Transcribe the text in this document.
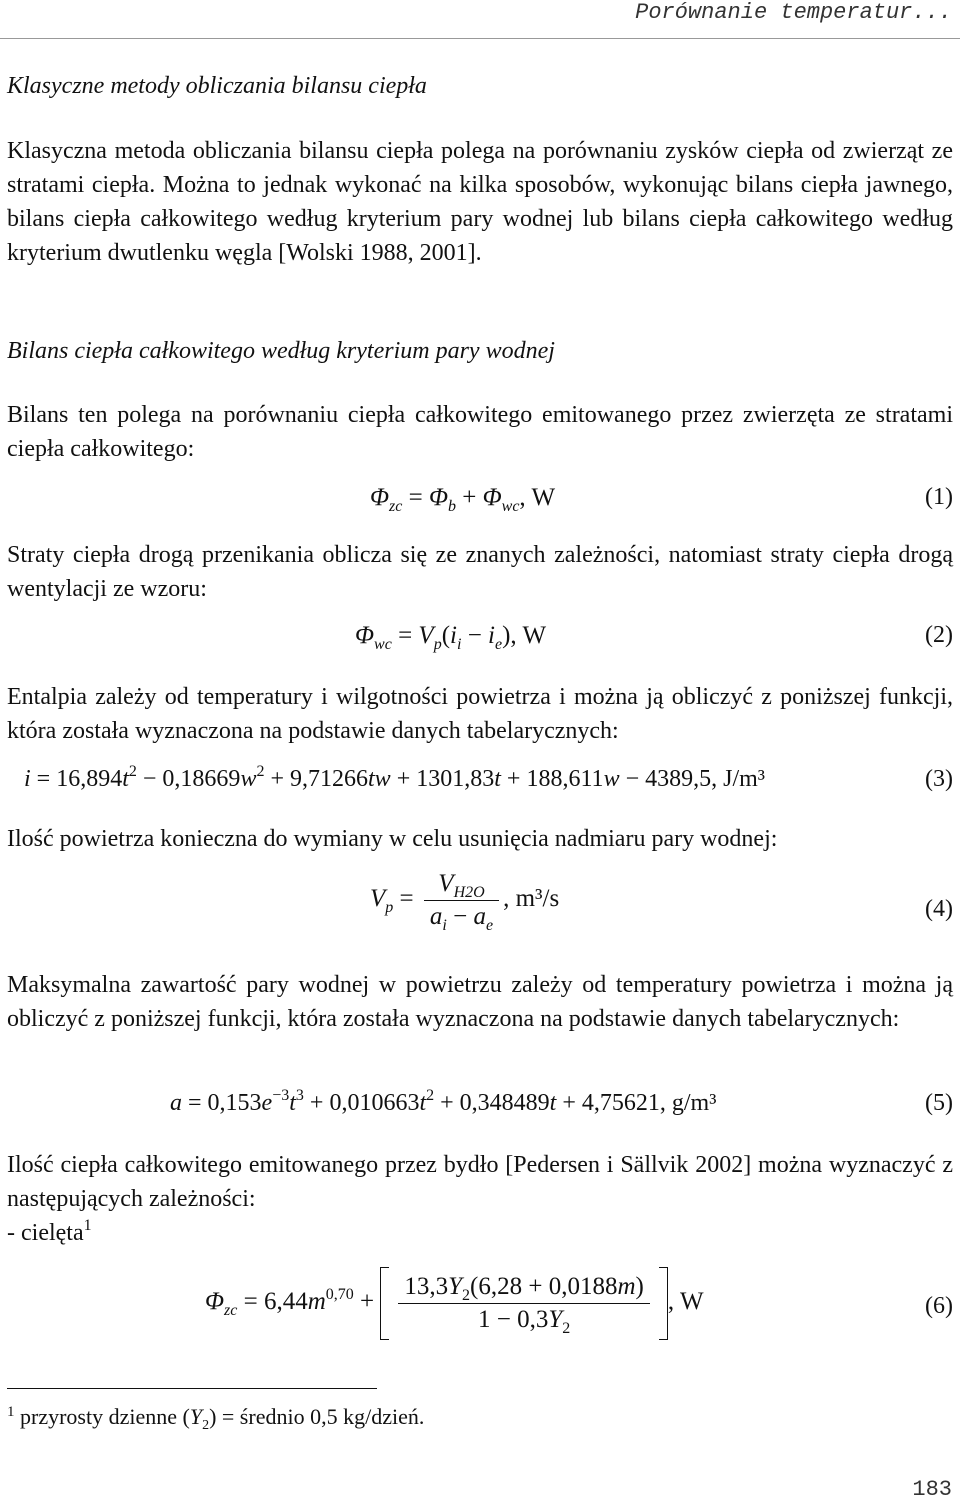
Porównanie temperatur...
Klasyczne metody obliczania bilansu ciepła
Klasyczna metoda obliczania bilansu ciepła polega na porównaniu zysków ciepła od zwierząt ze stratami ciepła. Można to jednak wykonać na kilka sposobów, wykonując bilans ciepła jawnego, bilans ciepła całkowitego według kryterium pary wodnej lub bilans ciepła całkowitego według kryterium dwutlenku węgla [Wolski 1988, 2001].
Bilans ciepła całkowitego według kryterium pary wodnej
Bilans ten polega na porównaniu ciepła całkowitego emitowanego przez zwierzęta ze stratami ciepła całkowitego:
$\Phi_{zc} = \Phi_b + \Phi_{wc}$, W	(1)
Straty ciepła drogą przenikania oblicza się ze znanych zależności, natomiast straty ciepła drogą wentylacji ze wzoru:
$\Phi_{wc} = V_p(i_i - i_e)$, W	(2)
Entalpia zależy od temperatury i wilgotności powietrza i można ją obliczyć z poniższej funkcji, która została wyznaczona na podstawie danych tabelarycznych:
$i = 16,894t^2 - 0,18669w^2 + 9,71266tw + 1301,83t + 188,611w - 4389,5$, J/m³	(3)
Ilość powietrza konieczna do wymiany w celu usunięcia nadmiaru pary wodnej:
$V_p = \frac{V_{H2O}}{a_i - a_e}$ , m³/s	(4)
Maksymalna zawartość pary wodnej w powietrzu zależy od temperatury powietrza i można ją obliczyć z poniższej funkcji, która została wyznaczona na podstawie danych tabelarycznych:
$a = 0,153e^{-3}t^3 + 0,010663t^2 + 0,348489t + 4,75621$, g/m³	(5)
Ilość ciepła całkowitego emitowanego przez bydło [Pedersen i Sällvik 2002] można wyznaczyć z następujących zależności:
- cielęta$^1$
$\Phi_{zc} = 6,44m^{0,70} + \frac{13,3Y_2(6,28 + 0,0188m)}{1 - 0,3Y_2}$ , W	(6)
$^1$ przyrosty dzienne $(Y_2)$ = średnio 0,5 kg/dzień.
183
